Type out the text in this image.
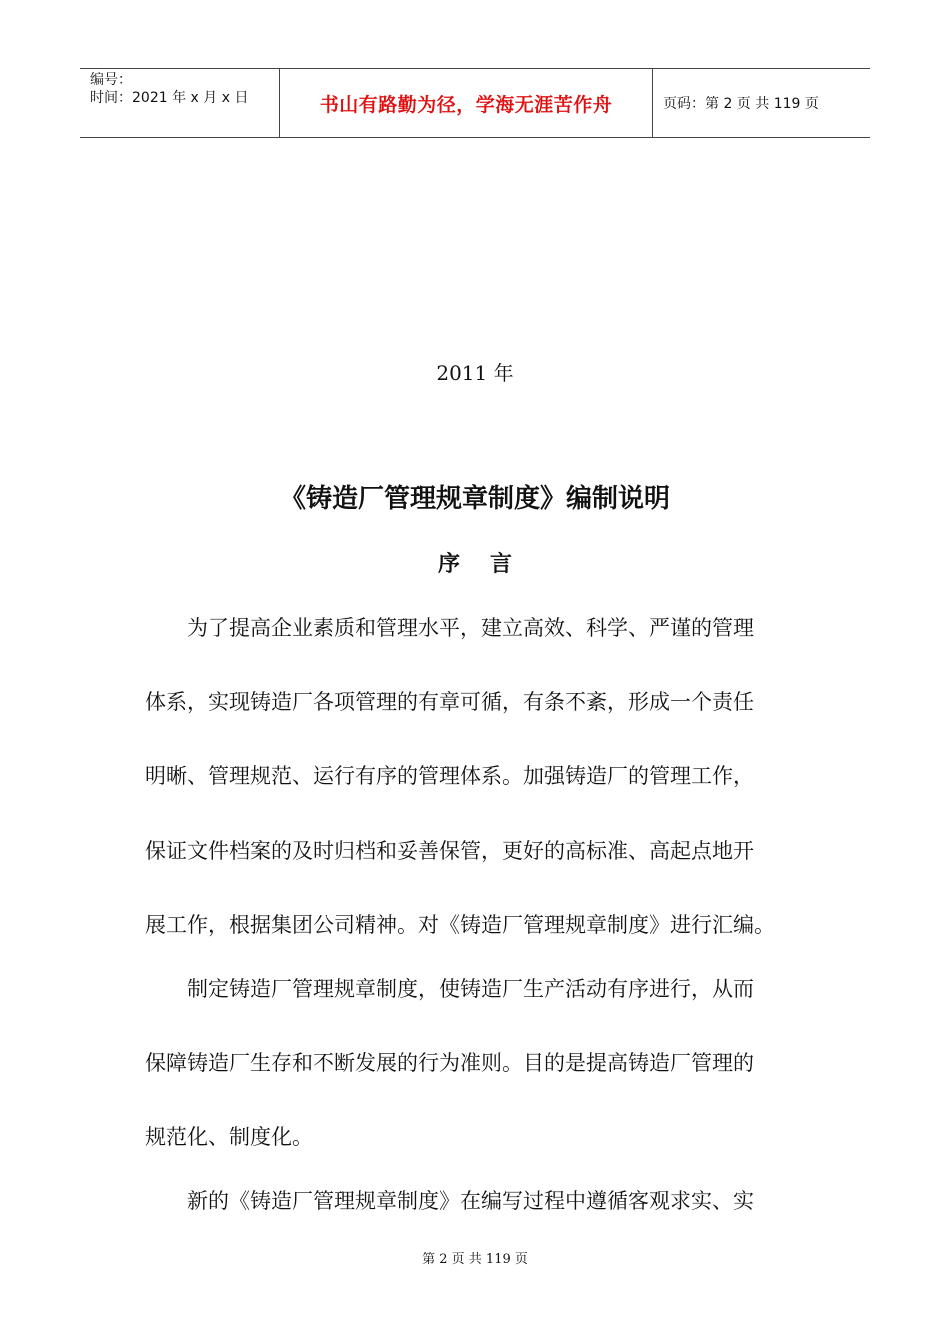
编号：
时间：2021 年 x 月 x 日	书山有路勤为径，学海无涯苦作舟	页码：第 2 页 共 119 页
2011 年
《铸造厂管理规章制度》编制说明
序 言
　　为了提高企业素质和管理水平，建立高效、科学、严谨的管理
体系，实现铸造厂各项管理的有章可循，有条不紊，形成一个责任
明晰、管理规范、运行有序的管理体系。加强铸造厂的管理工作，
保证文件档案的及时归档和妥善保管，更好的高标准、高起点地开
展工作，根据集团公司精神。对《铸造厂管理规章制度》进行汇编。
　　制定铸造厂管理规章制度，使铸造厂生产活动有序进行，从而
保障铸造厂生存和不断发展的行为准则。目的是提高铸造厂管理的
规范化、制度化。
　　新的《铸造厂管理规章制度》在编写过程中遵循客观求实、实
第 2 页 共 119 页
